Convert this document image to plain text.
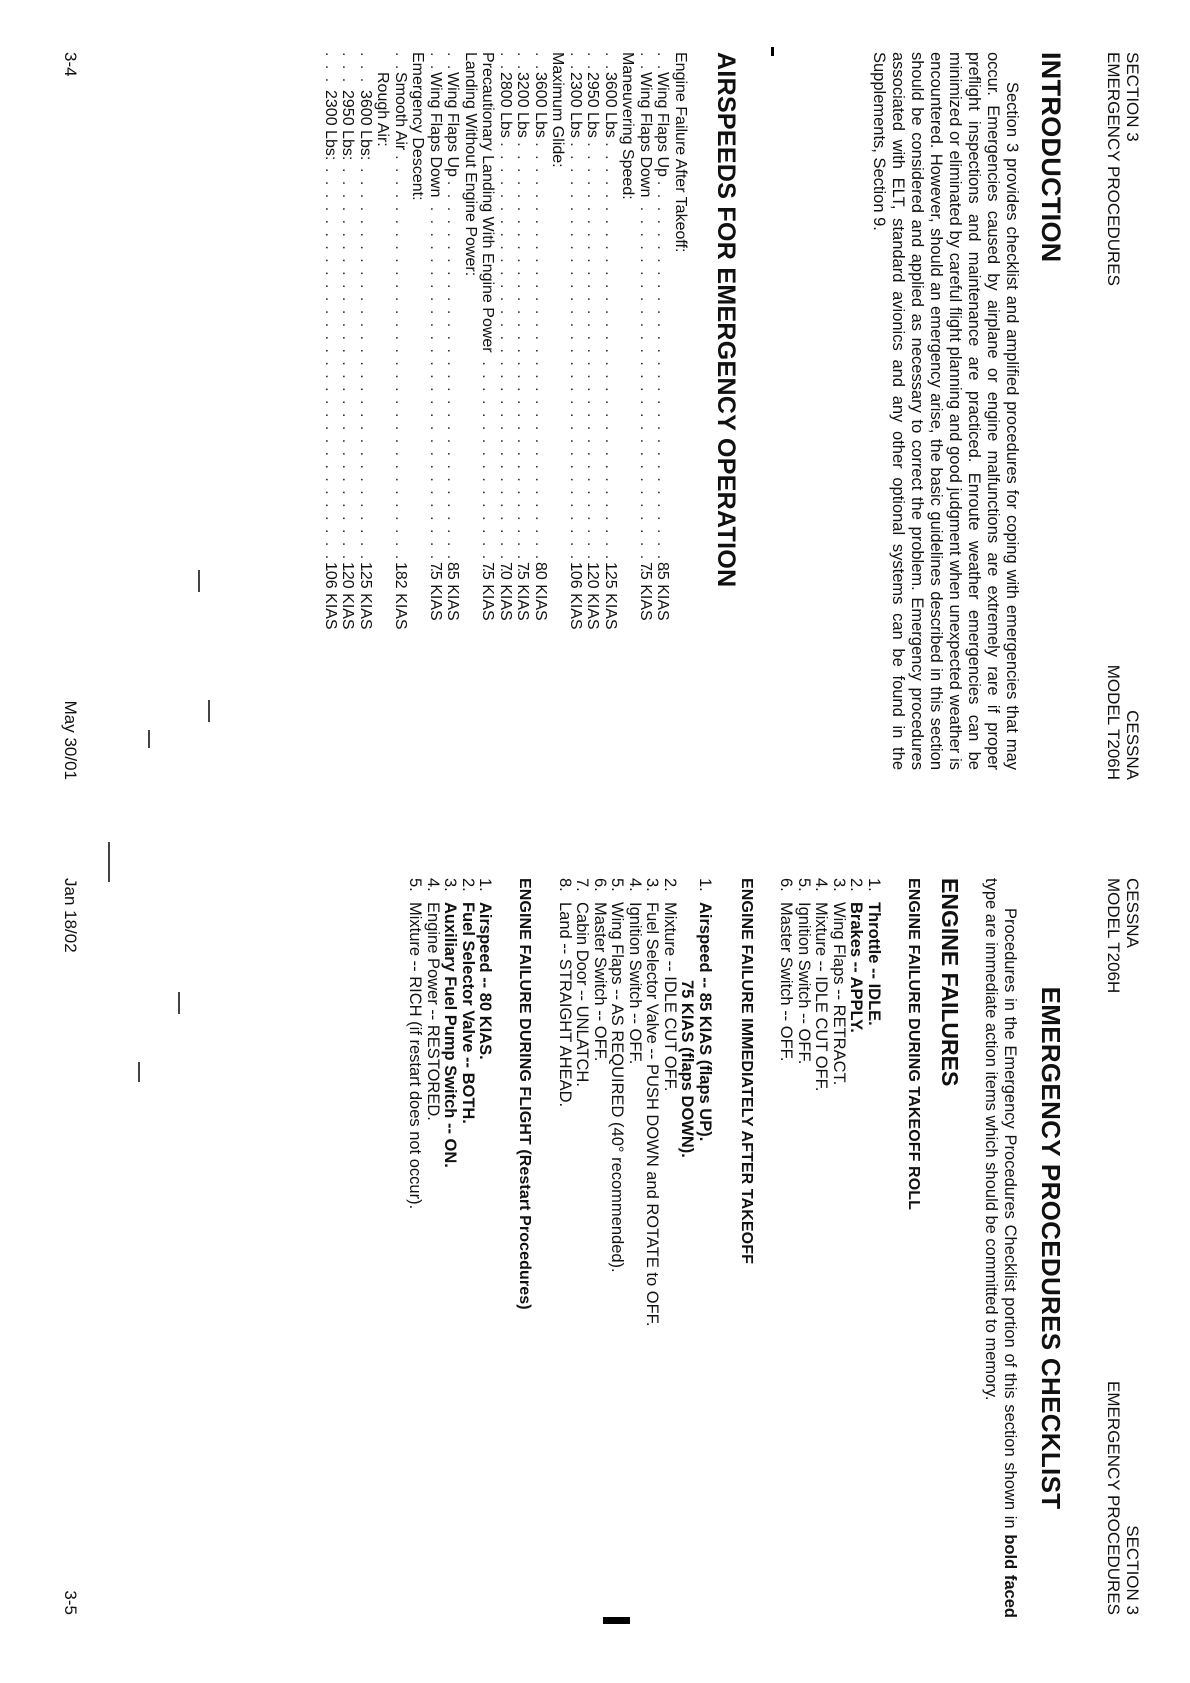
SECTION 3
EMERGENCY PROCEDURES
CESSNA
MODEL T206H
INTRODUCTION

Section 3 provides checklist and amplified procedures for coping with emergencies that may occur. Emergencies caused by airplane or engine malfunctions are extremely rare if proper preflight inspections and maintenance are practiced. Enroute weather emergencies can be minimized or eliminated by careful flight planning and good judgment when unexpected weather is encountered. However, should an emergency arise, the basic guidelines described in this section should be considered and applied as necessary to correct the problem. Emergency procedures associated with ELT, standard avionics and any other optional systems can be found in the Supplements, Section 9.

AIRSPEEDS FOR EMERGENCY OPERATION
Engine Failure After Takeoff:
. . .
Wing Flaps Up
85 KIAS
. . .
Wing Flaps Down
75 KIAS
Maneuvering Speed:
. . .
3600 Lbs
125 KIAS
. . .
2950 Lbs
120 KIAS
. . .
2300 Lbs
106 KIAS
Maximum Glide:
. . .
3600 Lbs
80 KIAS
. . .
3200 Lbs
75 KIAS
. . .
2800 Lbs
70 KIAS
. . .
Precautionary Landing With Engine Power
75 KIAS
Landing Without Engine Power:
. . .
Wing Flaps Up
85 KIAS
. . .
Wing Flaps Down
75 KIAS
Emergency Descent:
. . .
Smooth Air
182 KIAS
Rough Air:
. . .
3600 Lbs:
125 KIAS
. . .
2950 Lbs:
120 KIAS
. . .
2300 Lbs:
106 KIAS
3-4
May 30/01
CESSNA
MODEL T206H
SECTION 3
EMERGENCY PROCEDURES
EMERGENCY PROCEDURES CHECKLIST

Procedures in the Emergency Procedures Checklist portion of this section shown in bold faced type are immediate action items which should be committed to memory.

ENGINE FAILURES
ENGINE FAILURE DURING TAKEOFF ROLL
1.
Throttle -- IDLE.
2.
Brakes -- APPLY.
3.
Wing Flaps -- RETRACT.
4.
Mixture -- IDLE CUT OFF.
5.
Ignition Switch -- OFF.
6.
Master Switch -- OFF.
ENGINE FAILURE IMMEDIATELY AFTER TAKEOFF
1.
Airspeed -- 85 KIAS (flaps UP).
75 KIAS (flaps DOWN).
2.
Mixture -- IDLE CUT OFF.
3.
Fuel Selector Valve -- PUSH DOWN and ROTATE to OFF.
4.
Ignition Switch -- OFF.
5.
Wing Flaps -- AS REQUIRED (40° recommended).
6.
Master Switch -- OFF.
7.
Cabin Door -- UNLATCH.
8.
Land -- STRAIGHT AHEAD.
ENGINE FAILURE DURING FLIGHT (Restart Procedures)
1.
Airspeed -- 80 KIAS.
2.
Fuel Selector Valve -- BOTH.
3.
Auxiliary Fuel Pump Switch -- ON.
4.
Engine Power -- RESTORED.
5.
Mixture -- RICH (if restart does not occur).
Jan 18/02
3-5
